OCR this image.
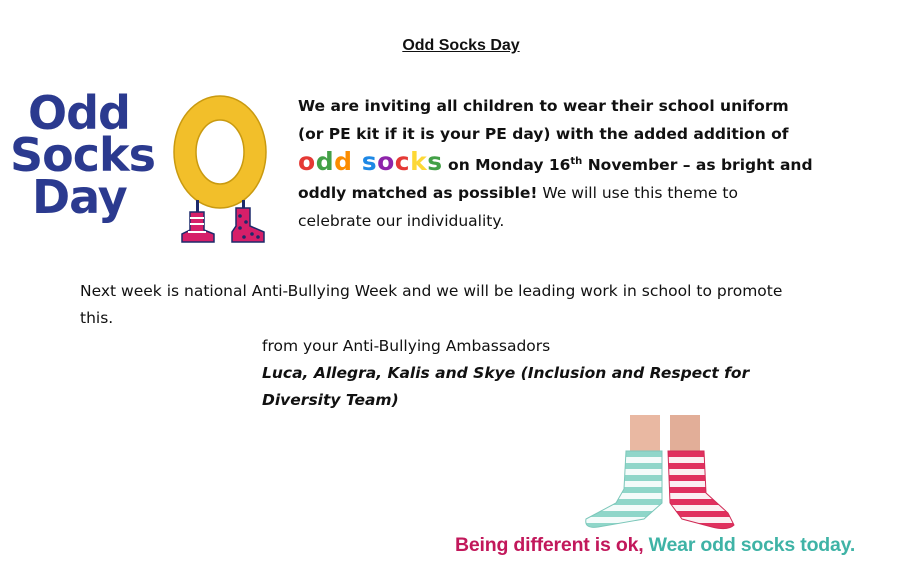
Odd Socks Day
Odd
Socks
Day
We are inviting all children to wear their school uniform
(or PE kit if it is your PE day) with the added addition of
odd socks on Monday 16th November – as bright and
oddly matched as possible! We will use this theme to
celebrate our individuality.
Next week is national Anti-Bullying Week and we will be leading work in school to promote this.
from your Anti-Bullying Ambassadors
Luca, Allegra, Kalis and Skye (Inclusion and Respect for Diversity Team)
Being different is ok, Wear odd socks today.
